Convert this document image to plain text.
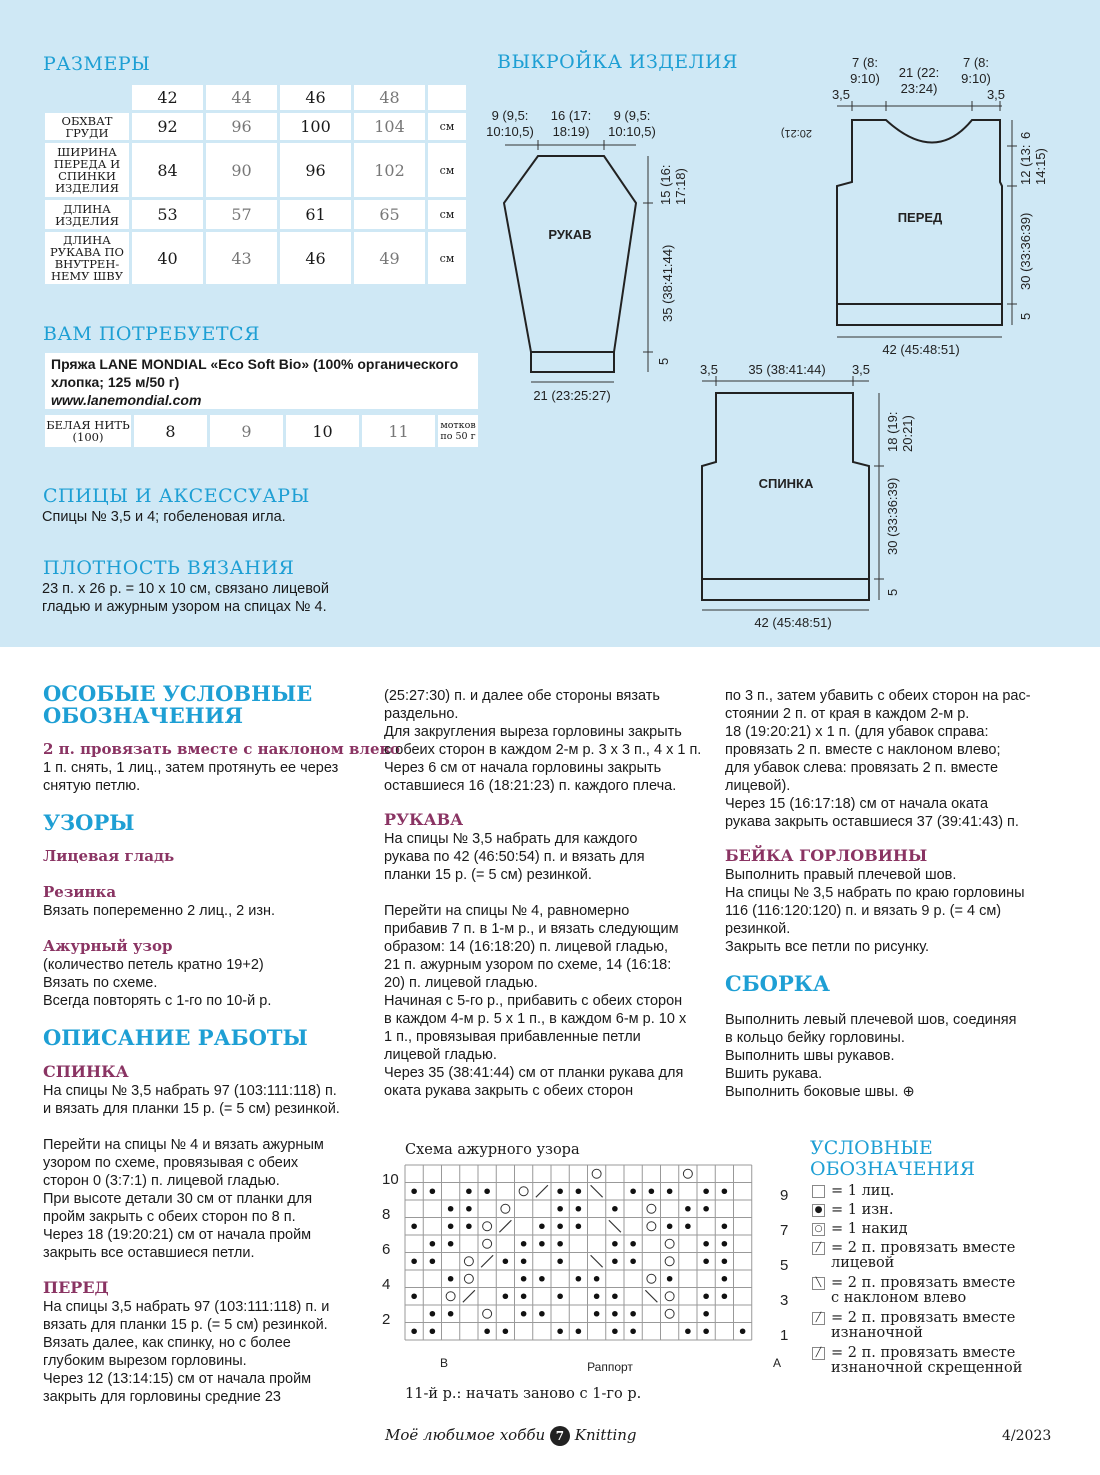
РАЗМЕРЫ
	42	44	46	48	
ОБХВАТ ГРУДИ	92	96	100	104	см
ШИРИНА ПЕРЕДА И СПИНКИ ИЗДЕЛИЯ	84	90	96	102	см
ДЛИНА ИЗДЕЛИЯ	53	57	61	65	см
ДЛИНА РУКАВА ПО ВНУТРЕН-НЕМУ ШВУ	40	43	46	49	см
ВАМ ПОТРЕБУЕТСЯ
Пряжа LANE MONDIAL «Eco Soft Bio» (100% органического
хлопка; 125 м/50 г)
www.lanemondial.com
БЕЛАЯ НИТЬ (100)	8	9	10	11	мотков по 50 г
СПИЦЫ И АКСЕССУАРЫ
Спицы № 3,5 и 4; гобеленовая игла.
ПЛОТНОСТЬ ВЯЗАНИЯ
23 п. х 26 р. = 10 х 10 см, связано лицевой
гладью и ажурным узором на спицах № 4.
ВЫКРОЙКА ИЗДЕЛИЯ
РУКАВ
ПЕРЕД
СПИНКА
21 (23:25:27)
42 (45:48:51)
42 (45:48:51)
3,5	3,5
3,5 35 (38:41:44) 3,5
35 (38:41:44)
5
30 (33:36:39)
5
6
30 (33:36:39)
5
20:21)
9 (9,5: 10:10,5)
16 (17: 18:19)
9 (9,5: 10:10,5)
7 (8: 9:10) 21 (22: 23:24)
7 (8: 9:10)
15 (16:17:18)
12 (13:14:15)
18 (19:20:21)
ОСОБЫЕ УСЛОВНЫЕ
ОБОЗНАЧЕНИЯ
2 п. провязать вместе с наклоном влево
1 п. снять, 1 лиц., затем протянуть ее через
снятую петлю.
УЗОРЫ
Лицевая гладь
Резинка
Вязать попеременно 2 лиц., 2 изн.
Ажурный узор
(количество петель кратно 19+2)
Вязать по схеме.
Всегда повторять с 1-го по 10-й р.
ОПИСАНИЕ РАБОТЫ
СПИНКА
На спицы № 3,5 набрать 97 (103:111:118) п.
и вязать для планки 15 р. (= 5 см) резинкой.

Перейти на спицы № 4 и вязать ажурным
узором по схеме, провязывая с обеих
сторон 0 (3:7:1) п. лицевой гладью.
При высоте детали 30 см от планки для
пройм закрыть с обеих сторон по 8 п.
Через 18 (19:20:21) см от начала пройм
закрыть все оставшиеся петли.
ПЕРЕД
На спицы 3,5 набрать 97 (103:111:118) п. и
вязать для планки 15 р. (= 5 см) резинкой.
Вязать далее, как спинку, но с более
глубоким вырезом горловины.
Через 12 (13:14:15) см от начала пройм
закрыть для горловины средние 23
(25:27:30) п. и далее обе стороны вязать
раздельно.
Для закругления выреза горловины закрыть
с обеих сторон в каждом 2-м р. 3 х 3 п., 4 х 1 п.
Через 6 см от начала горловины закрыть
оставшиеся 16 (18:21:23) п. каждого плеча.
РУКАВА
На спицы № 3,5 набрать для каждого
рукава по 42 (46:50:54) п. и вязать для
планки 15 р. (= 5 см) резинкой.

Перейти на спицы № 4, равномерно
прибавив 7 п. в 1-м р., и вязать следующим
образом: 14 (16:18:20) п. лицевой гладью,
21 п. ажурным узором по схеме, 14 (16:18:
20) п. лицевой гладью.
Начиная с 5-го р., прибавить с обеих сторон
в каждом 4-м р. 5 х 1 п., в каждом 6-м р. 10 х
1 п., провязывая прибавленные петли
лицевой гладью.
Через 35 (38:41:44) см от планки рукава для
оката рукава закрыть с обеих сторон
по 3 п., затем убавить с обеих сторон на рас-
стоянии 2 п. от края в каждом 2-м р.
18 (19:20:21) х 1 п. (для убавок справа:
провязать 2 п. вместе с наклоном влево;
для убавок слева: провязать 2 п. вместе
лицевой).
Через 15 (16:17:18) см от начала оката
рукава закрыть оставшиеся 37 (39:41:43) п.
БЕЙКА ГОРЛОВИНЫ
Выполнить правый плечевой шов.
На спицы № 3,5 набрать по краю горловины
116 (116:120:120) п. и вязать 9 р. (= 4 см)
резинкой.
Закрыть все петли по рисунку.
СБОРКА
Выполнить левый плечевой шов, соединяя
в кольцо бейку горловины.
Выполнить швы рукавов.
Вшить рукава.
Выполнить боковые швы. ⊕
Схема ажурного узора
10
8
6
4
2
9
7
5
3
1
В	Раппорт	А
11-й р.: начать заново с 1-го р.
УСЛОВНЫЕ
ОБОЗНАЧЕНИЯ
= 1 лиц.
● = 1 изн.
○ = 1 накид
╱ = 2 п. провязать вместе
лицевой
╲ = 2 п. провязать вместе
с наклоном влево
╱ = 2 п. провязать вместе
изнаночной
╱ = 2 п. провязать вместе
изнаночной скрещенной
Моё любимое хобби 7 Knitting	4/2023
